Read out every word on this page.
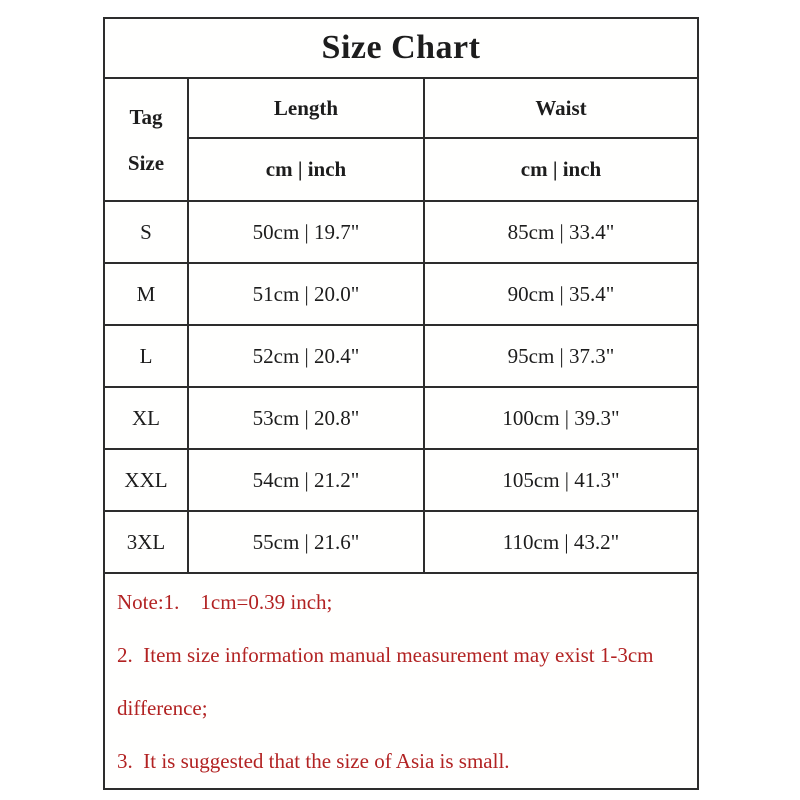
Size Chart		

Tag
Size	Length	Waist
	cm | inch	cm | inch
S	50cm | 19.7"	85cm | 33.4"
M	51cm | 20.0"	90cm | 35.4"
L	52cm | 20.4"	95cm | 37.3"
XL	53cm | 20.8"	100cm | 39.3"
XXL	54cm | 21.2"	105cm | 41.3"
3XL	55cm | 21.6"	110cm | 43.2"

Note:1.    1cm=0.39 inch;

2.  Item size information manual measurement may exist 1-3cm

difference;

3.  It is suggested that the size of Asia is small.		
